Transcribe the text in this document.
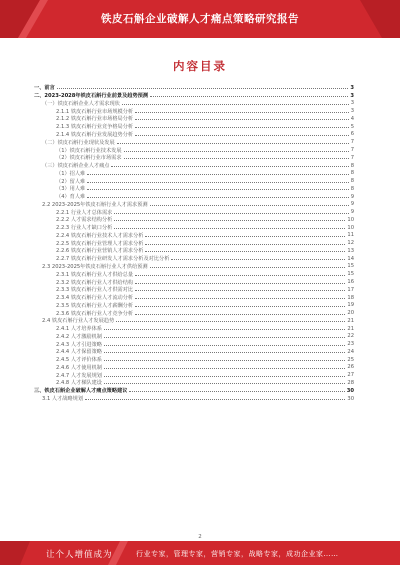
铁皮石斛企业破解人才痛点策略研究报告
内容目录
一、前言	3
二、2023-2028年铁皮石斛行业前景及趋势预测	3
（一）铁皮石斛企业人才需求现状	3
2.1.1 铁皮石斛行业市场规模分析	3
2.1.2 铁皮石斛行业市场格局分析	4
2.1.3 铁皮石斛行业竞争格局分析	5
2.1.4 铁皮石斛行业发展趋势分析	6
（二）铁皮石斛行业现状及发展	7
（1）铁皮石斛行业技术发展	7
（2）铁皮石斛行业市场需求	7
（三）铁皮石斛企业人才痛点	8
（1）招人难	8
（2）留人难	8
（3）用人难	8
（4）育人难	9
2.2 2023-2025年铁皮石斛行业人才需求预测	9
2.2.1 行业人才总体需求	9
2.2.2 人才需求结构分析	10
2.2.3 行业人才缺口分析	10
2.2.4 铁皮石斛行业技术人才需求分析	11
2.2.5 铁皮石斛行业管理人才需求分析	12
2.2.6 铁皮石斛行业营销人才需求分析	13
2.2.7 铁皮石斛行业研发人才需求分析及对比分析	14
2.3 2023-2025年铁皮石斛行业人才供给预测	15
2.3.1 铁皮石斛行业人才供给总量	15
2.3.2 铁皮石斛行业人才供给结构	16
2.3.3 铁皮石斛行业人才供需对比	17
2.3.4 铁皮石斛行业人才流动分析	18
2.3.5 铁皮石斛行业人才薪酬分析	19
2.3.6 铁皮石斛行业人才竞争分析	20
2.4 铁皮石斛行业人才发展趋势	21
2.4.1 人才培养体系	21
2.4.2 人才激励机制	22
2.4.3 人才引进策略	23
2.4.4 人才保留策略	24
2.4.5 人才评价体系	25
2.4.6 人才使用机制	26
2.4.7 人才发展规划	27
2.4.8 人才梯队建设	28
三、铁皮石斛企业破解人才痛点策略建议	30
3.1 人才战略规划	30
2
让个人增值成为	行业专家，管理专家，营销专家，战略专家，成功企业家……
